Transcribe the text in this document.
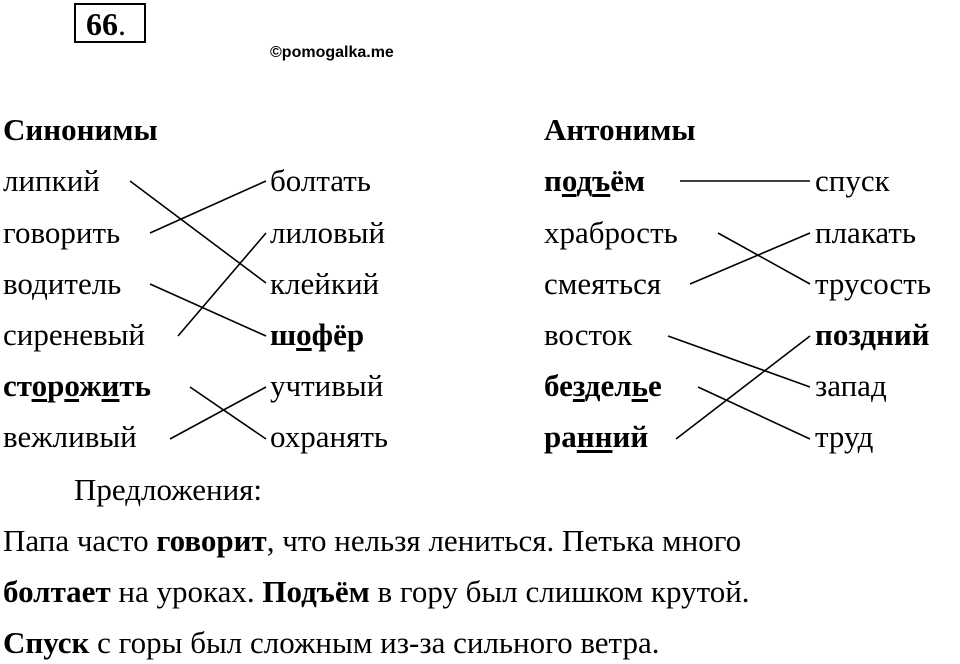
66.
©pomogalka.me
Синонимы
липкий
говорить
водитель
сиреневый
сторожить
вежливый
болтать
лиловый
клейкий
шофёр
учтивый
охранять
Антонимы
подъём
храбрость
смеяться
восток
безделье
ранний
спуск
плакать
трусость
поздний
запад
труд
Предложения:
Папа часто говорит, что нельзя лениться. Петька много
болтает на уроках. Подъём в гору был слишком крутой.
Спуск с горы был сложным из-за сильного ветра.
